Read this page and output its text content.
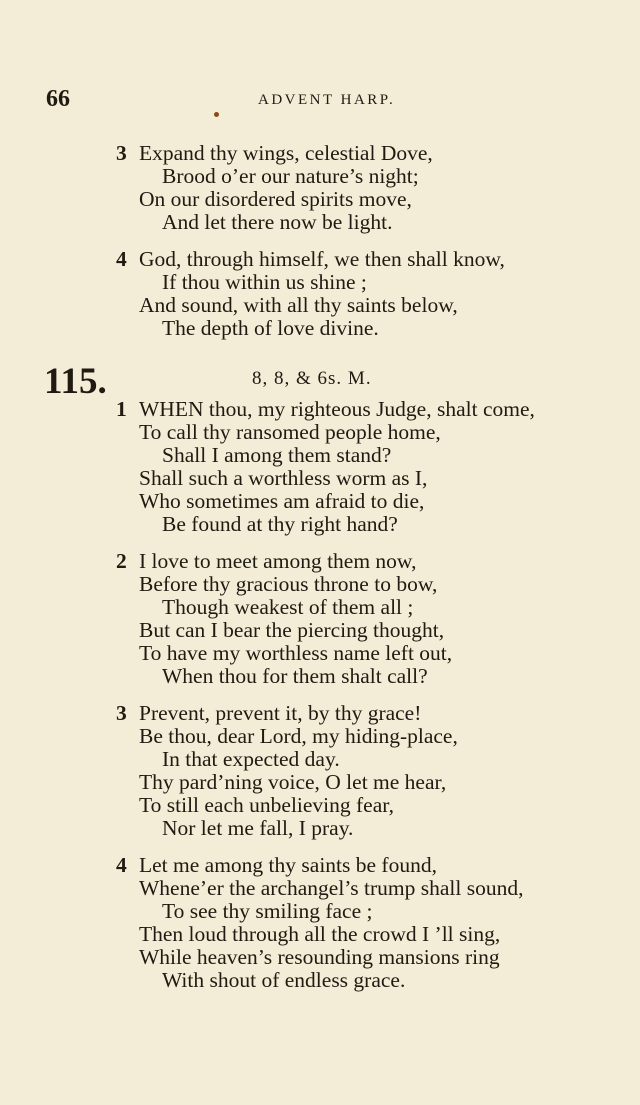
66	ADVENT HARP.
3 Expand thy wings, celestial Dove,
Brood o’er our nature’s night;
On our disordered spirits move,
And let there now be light.
4 God, through himself, we then shall know,
If thou within us shine ;
And sound, with all thy saints below,
The depth of love divine.
115.	8, 8, & 6s. M.
1 WHEN thou, my righteous Judge, shalt come,
To call thy ransomed people home,
Shall I among them stand?
Shall such a worthless worm as I,
Who sometimes am afraid to die,
Be found at thy right hand?
2 I love to meet among them now,
Before thy gracious throne to bow,
Though weakest of them all ;
But can I bear the piercing thought,
To have my worthless name left out,
When thou for them shalt call?
3 Prevent, prevent it, by thy grace!
Be thou, dear Lord, my hiding-place,
In that expected day.
Thy pard’ning voice, O let me hear,
To still each unbelieving fear,
Nor let me fall, I pray.
4 Let me among thy saints be found,
Whene’er the archangel’s trump shall sound,
To see thy smiling face ;
Then loud through all the crowd I ’ll sing,
While heaven’s resounding mansions ring
With shout of endless grace.
